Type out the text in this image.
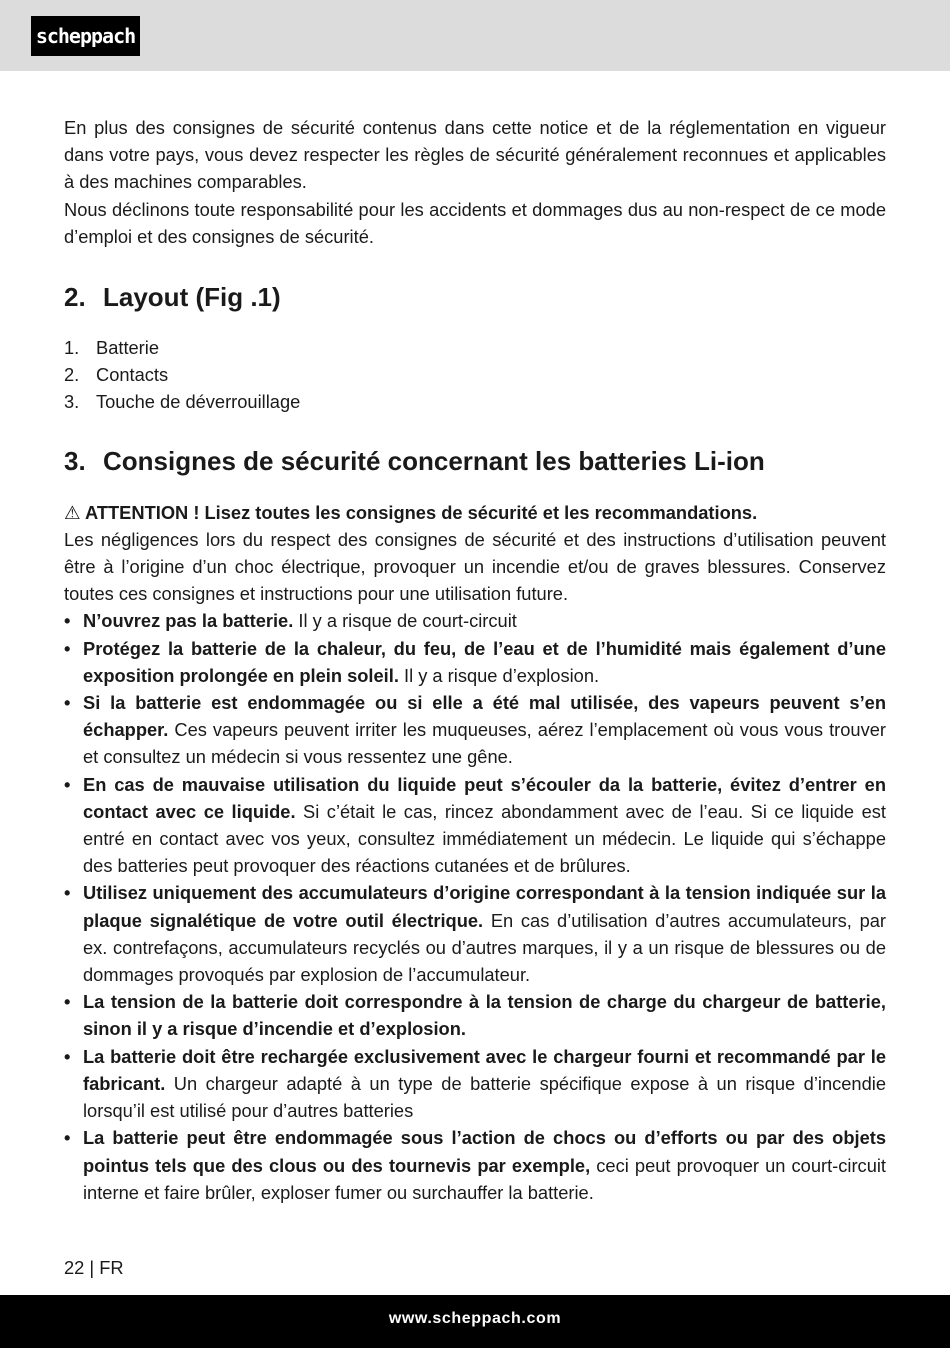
scheppach

En plus des consignes de sécurité contenus dans cette notice et de la réglementation en vigueur dans votre pays, vous devez respecter les règles de sécurité généralement reconnues et applicables à des machines comparables.

Nous déclinons toute responsabilité pour les accidents et dommages dus au non-respect de ce mode d’emploi et des consignes de sécurité.

2. Layout (Fig .1)
1. Batterie
2. Contacts
3. Touche de déverrouillage
3. Consignes de sécurité concernant les batteries Li-ion

⚠ ATTENTION ! Lisez toutes les consignes de sécurité et les recommandations.

Les négligences lors du respect des consignes de sécurité et des instructions d’utilisation peuvent être à l’origine d’un choc électrique, provoquer un incendie et/ou de graves blessures. Conservez toutes ces consignes et instructions pour une utilisation future.

• N’ouvrez pas la batterie. Il y a risque de court-circuit
• Protégez la batterie de la chaleur, du feu, de l’eau et de l’humidité mais également d’une exposition prolongée en plein soleil. Il y a risque d’explosion.
• Si la batterie est endommagée ou si elle a été mal utilisée, des vapeurs peuvent s’en échapper. Ces vapeurs peuvent irriter les muqueuses, aérez l’emplacement où vous vous trouver et consultez un médecin si vous ressentez une gêne.
• En cas de mauvaise utilisation du liquide peut s’écouler da la batterie, évitez d’entrer en contact avec ce liquide. Si c’était le cas, rincez abondamment avec de l’eau. Si ce liquide est entré en contact avec vos yeux, consultez immédiatement un médecin. Le liquide qui s’échappe des batteries peut provoquer des réactions cutanées et de brûlures.
• Utilisez uniquement des accumulateurs d’origine correspondant à la tension indiquée sur la plaque signalétique de votre outil électrique. En cas d’utilisation d’autres accumulateurs, par ex. contrefaçons, accumulateurs recyclés ou d’autres marques, il y a un risque de blessures ou de dommages provoqués par explosion de l’accumulateur.
• La tension de la batterie doit correspondre à la tension de charge du chargeur de batterie, sinon il y a risque d’incendie et d’explosion.
• La batterie doit être rechargée exclusivement avec le chargeur fourni et recommandé par le fabricant. Un chargeur adapté à un type de batterie spécifique expose à un risque d’incendie lorsqu’il est utilisé pour d’autres batteries
• La batterie peut être endommagée sous l’action de chocs ou d’efforts ou par des objets pointus tels que des clous ou des tournevis par exemple, ceci peut provoquer un court-circuit interne et faire brûler, exploser fumer ou surchauffer la batterie.
22 | FR
www.scheppach.com
